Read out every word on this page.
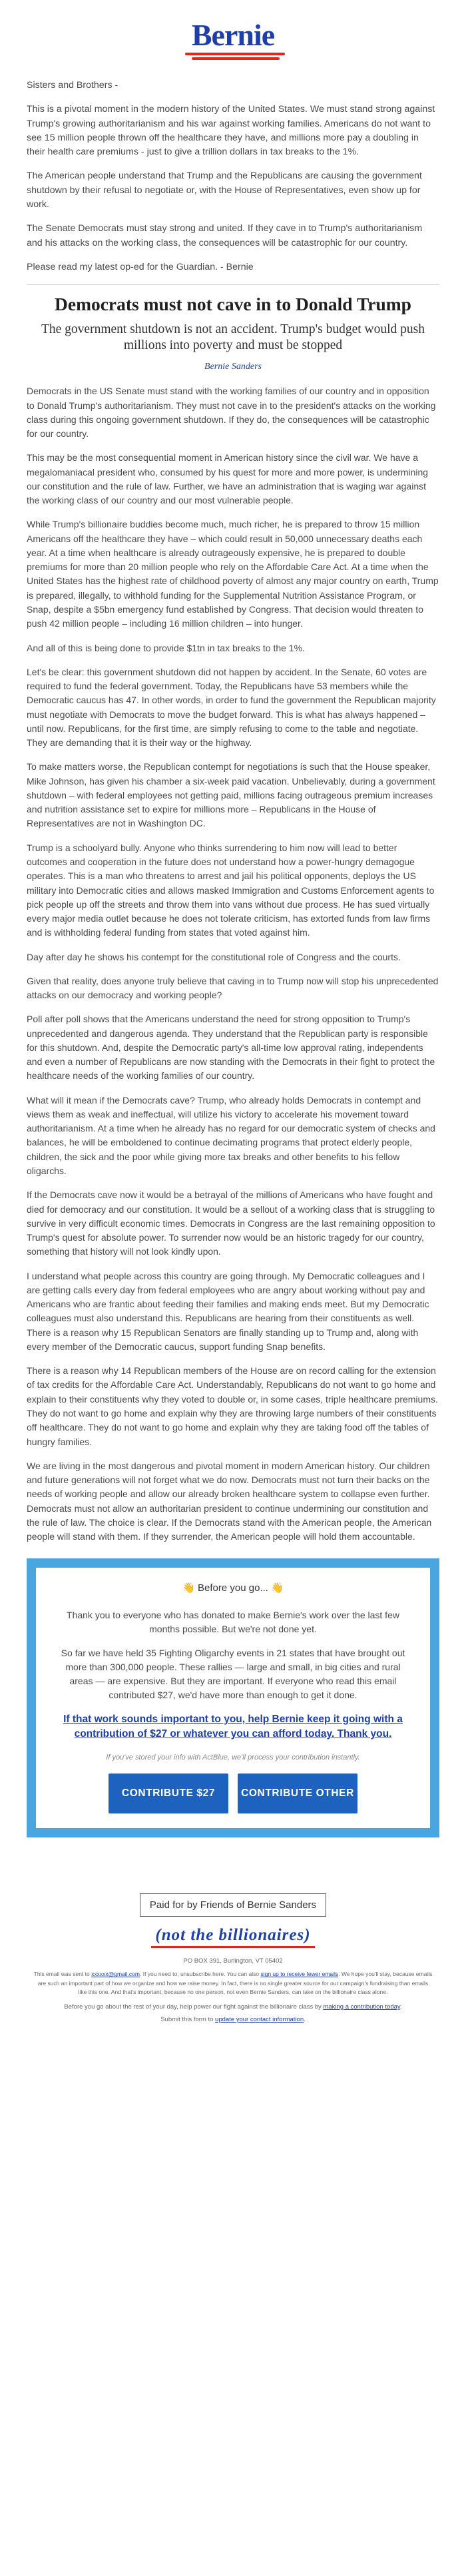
Bernie

Sisters and Brothers -

This is a pivotal moment in the modern history of the United States. We must stand strong against Trump's growing authoritarianism and his war against working families. Americans do not want to see 15 million people thrown off the healthcare they have, and millions more pay a doubling in their health care premiums - just to give a trillion dollars in tax breaks to the 1%.

The American people understand that Trump and the Republicans are causing the government shutdown by their refusal to negotiate or, with the House of Representatives, even show up for work.

The Senate Democrats must stay strong and united. If they cave in to Trump's authoritarianism and his attacks on the working class, the consequences will be catastrophic for our country.

Please read my latest op-ed for the Guardian. - Bernie

Democrats must not cave in to Donald Trump
The government shutdown is not an accident. Trump's budget would push millions into poverty and must be stopped
Bernie Sanders

Democrats in the US Senate must stand with the working families of our country and in opposition to Donald Trump's authoritarianism. They must not cave in to the president's attacks on the working class during this ongoing government shutdown. If they do, the consequences will be catastrophic for our country.

This may be the most consequential moment in American history since the civil war. We have a megalomaniacal president who, consumed by his quest for more and more power, is undermining our constitution and the rule of law. Further, we have an administration that is waging war against the working class of our country and our most vulnerable people.

While Trump's billionaire buddies become much, much richer, he is prepared to throw 15 million Americans off the healthcare they have – which could result in 50,000 unnecessary deaths each year. At a time when healthcare is already outrageously expensive, he is prepared to double premiums for more than 20 million people who rely on the Affordable Care Act. At a time when the United States has the highest rate of childhood poverty of almost any major country on earth, Trump is prepared, illegally, to withhold funding for the Supplemental Nutrition Assistance Program, or Snap, despite a $5bn emergency fund established by Congress. That decision would threaten to push 42 million people – including 16 million children – into hunger.

And all of this is being done to provide $1tn in tax breaks to the 1%.

Let's be clear: this government shutdown did not happen by accident. In the Senate, 60 votes are required to fund the federal government. Today, the Republicans have 53 members while the Democratic caucus has 47. In other words, in order to fund the government the Republican majority must negotiate with Democrats to move the budget forward. This is what has always happened – until now. Republicans, for the first time, are simply refusing to come to the table and negotiate. They are demanding that it is their way or the highway.

To make matters worse, the Republican contempt for negotiations is such that the House speaker, Mike Johnson, has given his chamber a six-week paid vacation. Unbelievably, during a government shutdown – with federal employees not getting paid, millions facing outrageous premium increases and nutrition assistance set to expire for millions more – Republicans in the House of Representatives are not in Washington DC.

Trump is a schoolyard bully. Anyone who thinks surrendering to him now will lead to better outcomes and cooperation in the future does not understand how a power-hungry demagogue operates. This is a man who threatens to arrest and jail his political opponents, deploys the US military into Democratic cities and allows masked Immigration and Customs Enforcement agents to pick people up off the streets and throw them into vans without due process. He has sued virtually every major media outlet because he does not tolerate criticism, has extorted funds from law firms and is withholding federal funding from states that voted against him.

Day after day he shows his contempt for the constitutional role of Congress and the courts.

Given that reality, does anyone truly believe that caving in to Trump now will stop his unprecedented attacks on our democracy and working people?

Poll after poll shows that the Americans understand the need for strong opposition to Trump's unprecedented and dangerous agenda. They understand that the Republican party is responsible for this shutdown. And, despite the Democratic party's all-time low approval rating, independents and even a number of Republicans are now standing with the Democrats in their fight to protect the healthcare needs of the working families of our country.

What will it mean if the Democrats cave? Trump, who already holds Democrats in contempt and views them as weak and ineffectual, will utilize his victory to accelerate his movement toward authoritarianism. At a time when he already has no regard for our democratic system of checks and balances, he will be emboldened to continue decimating programs that protect elderly people, children, the sick and the poor while giving more tax breaks and other benefits to his fellow oligarchs.

If the Democrats cave now it would be a betrayal of the millions of Americans who have fought and died for democracy and our constitution. It would be a sellout of a working class that is struggling to survive in very difficult economic times. Democrats in Congress are the last remaining opposition to Trump's quest for absolute power. To surrender now would be an historic tragedy for our country, something that history will not look kindly upon.

I understand what people across this country are going through. My Democratic colleagues and I are getting calls every day from federal employees who are angry about working without pay and Americans who are frantic about feeding their families and making ends meet. But my Democratic colleagues must also understand this. Republicans are hearing from their constituents as well. There is a reason why 15 Republican Senators are finally standing up to Trump and, along with every member of the Democratic caucus, support funding Snap benefits.

There is a reason why 14 Republican members of the House are on record calling for the extension of tax credits for the Affordable Care Act. Understandably, Republicans do not want to go home and explain to their constituents why they voted to double or, in some cases, triple healthcare premiums. They do not want to go home and explain why they are throwing large numbers of their constituents off healthcare. They do not want to go home and explain why they are taking food off the tables of hungry families.

We are living in the most dangerous and pivotal moment in modern American history. Our children and future generations will not forget what we do now. Democrats must not turn their backs on the needs of working people and allow our already broken healthcare system to collapse even further. Democrats must not allow an authoritarian president to continue undermining our constitution and the rule of law. The choice is clear. If the Democrats stand with the American people, the American people will stand with them. If they surrender, the American people will hold them accountable.

👋 Before you go... 👋

Thank you to everyone who has donated to make Bernie's work over the last few months possible. But we're not done yet.

So far we have held 35 Fighting Oligarchy events in 21 states that have brought out more than 300,000 people. These rallies — large and small, in big cities and rural areas — are expensive. But they are important. If everyone who read this email contributed $27, we'd have more than enough to get it done.

If that work sounds important to you, help Bernie keep it going with a contribution of $27 or whatever you can afford today. Thank you.

If you've stored your info with ActBlue, we'll process your contribution instantly.

CONTRIBUTE $27	CONTRIBUTE OTHER
Paid for by Friends of Bernie Sanders
(not the billionaires)
PO BOX 391, Burlington, VT 05402
This email was sent to xxxxxx@gmail.com. If you need to, unsubscribe here. You can also sign up to receive fewer emails. We hope you'll stay, because emails are such an important part of how we organize and how we raise money. In fact, there is no single greater source for our campaign's fundraising than emails like this one. And that's important, because no one person, not even Bernie Sanders, can take on the billionaire class alone.
Before you go about the rest of your day, help power our fight against the billionaire class by making a contribution today.
Submit this form to update your contact information.
